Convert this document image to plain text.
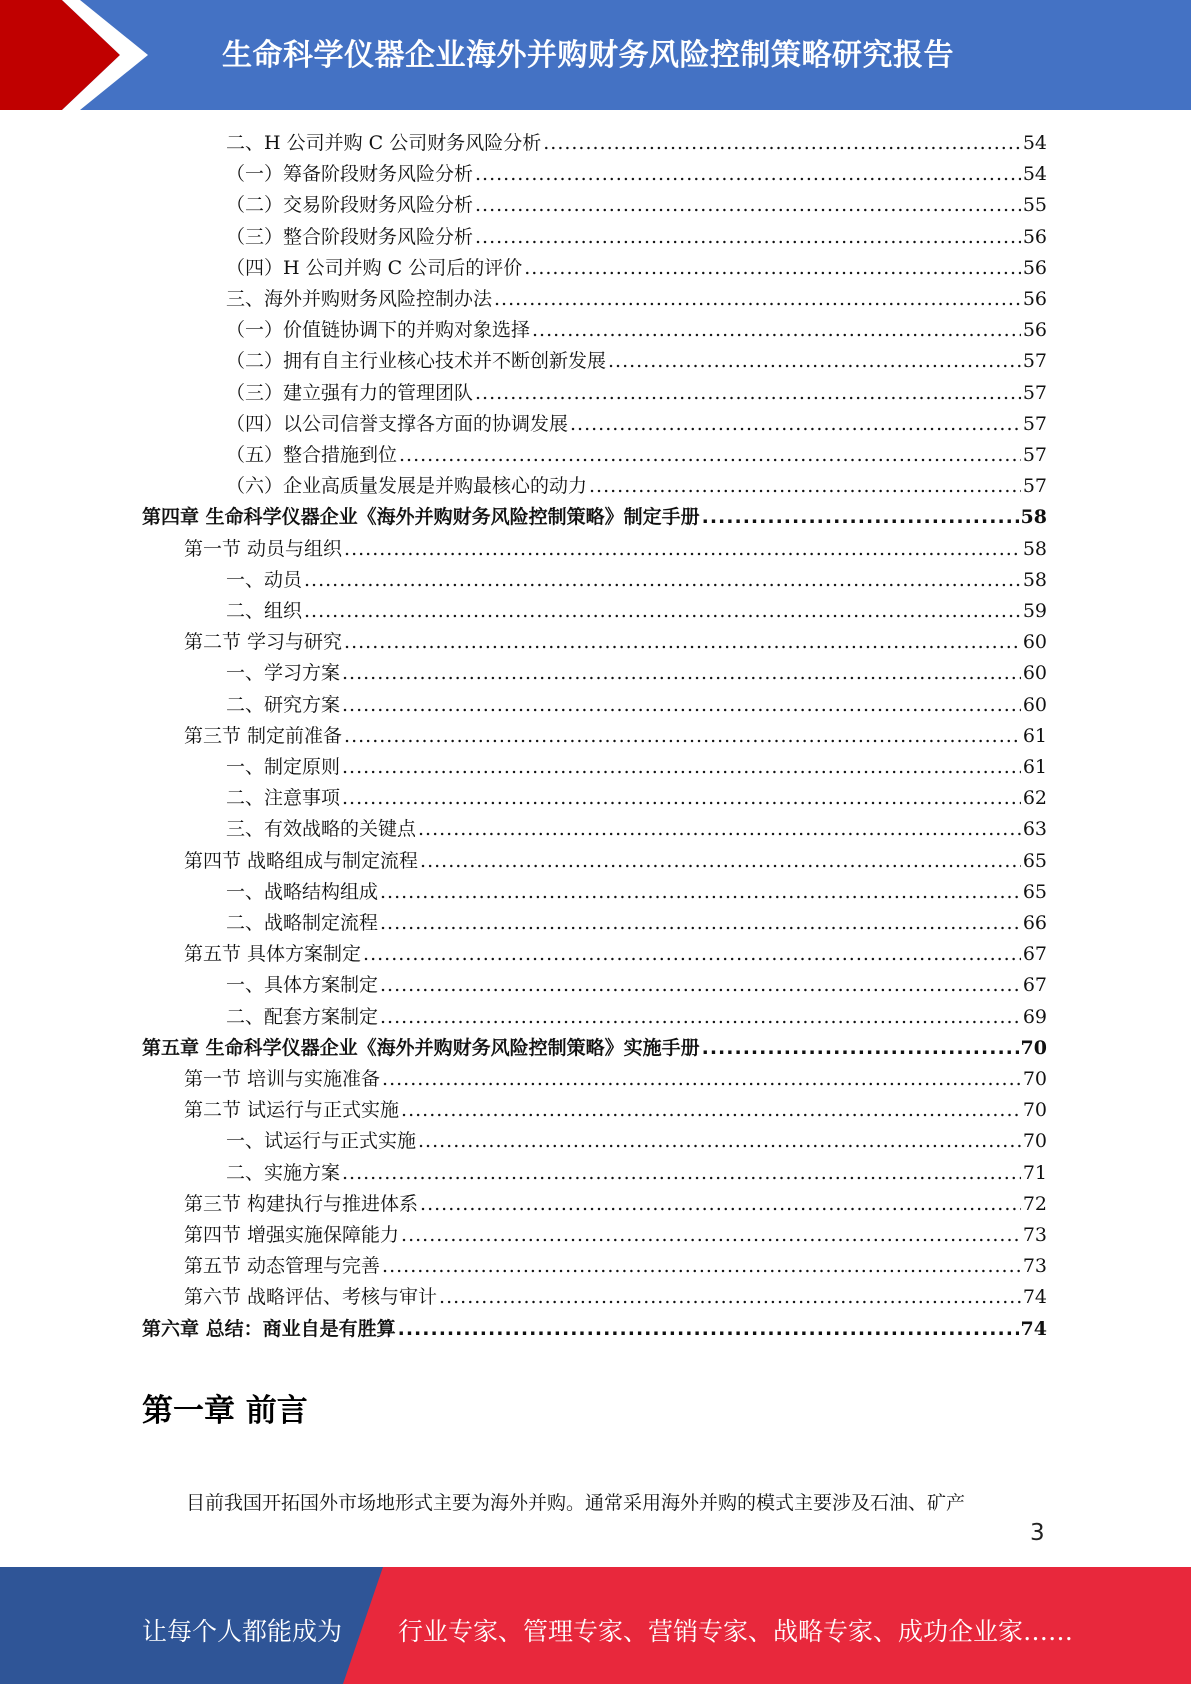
生命科学仪器企业海外并购财务风险控制策略研究报告
二、H 公司并购 C 公司财务风险分析 .....	54
（一）筹备阶段财务风险分析 .....	54
（二）交易阶段财务风险分析 .....	55
（三）整合阶段财务风险分析 .....	56
（四）H 公司并购 C 公司后的评价 .....	56
三、海外并购财务风险控制办法 .....	56
（一）价值链协调下的并购对象选择 .....	56
（二）拥有自主行业核心技术并不断创新发展 .....	57
（三）建立强有力的管理团队 .....	57
（四）以公司信誉支撑各方面的协调发展 .....	57
（五）整合措施到位 .....	57
（六）企业高质量发展是并购最核心的动力 .....	57
第四章 生命科学仪器企业《海外并购财务风险控制策略》制定手册 .....	58
第一节 动员与组织 .....	58
一、动员 .....	58
二、组织 .....	59
第二节 学习与研究 .....	60
一、学习方案 .....	60
二、研究方案 .....	60
第三节 制定前准备 .....	61
一、制定原则 .....	61
二、注意事项 .....	62
三、有效战略的关键点 .....	63
第四节 战略组成与制定流程 .....	65
一、战略结构组成 .....	65
二、战略制定流程 .....	66
第五节 具体方案制定 .....	67
一、具体方案制定 .....	67
二、配套方案制定 .....	69
第五章 生命科学仪器企业《海外并购财务风险控制策略》实施手册 .....	70
第一节 培训与实施准备 .....	70
第二节 试运行与正式实施 .....	70
一、试运行与正式实施 .....	70
二、实施方案 .....	71
第三节 构建执行与推进体系 .....	72
第四节 增强实施保障能力 .....	73
第五节 动态管理与完善 .....	73
第六节 战略评估、考核与审计 .....	74
第六章 总结：商业自是有胜算 .....	74
第一章 前言
目前我国开拓国外市场地形式主要为海外并购。通常采用海外并购的模式主要涉及石油、矿产
3
让每个人都能成为 行业专家、管理专家、营销专家、战略专家、成功企业家……
